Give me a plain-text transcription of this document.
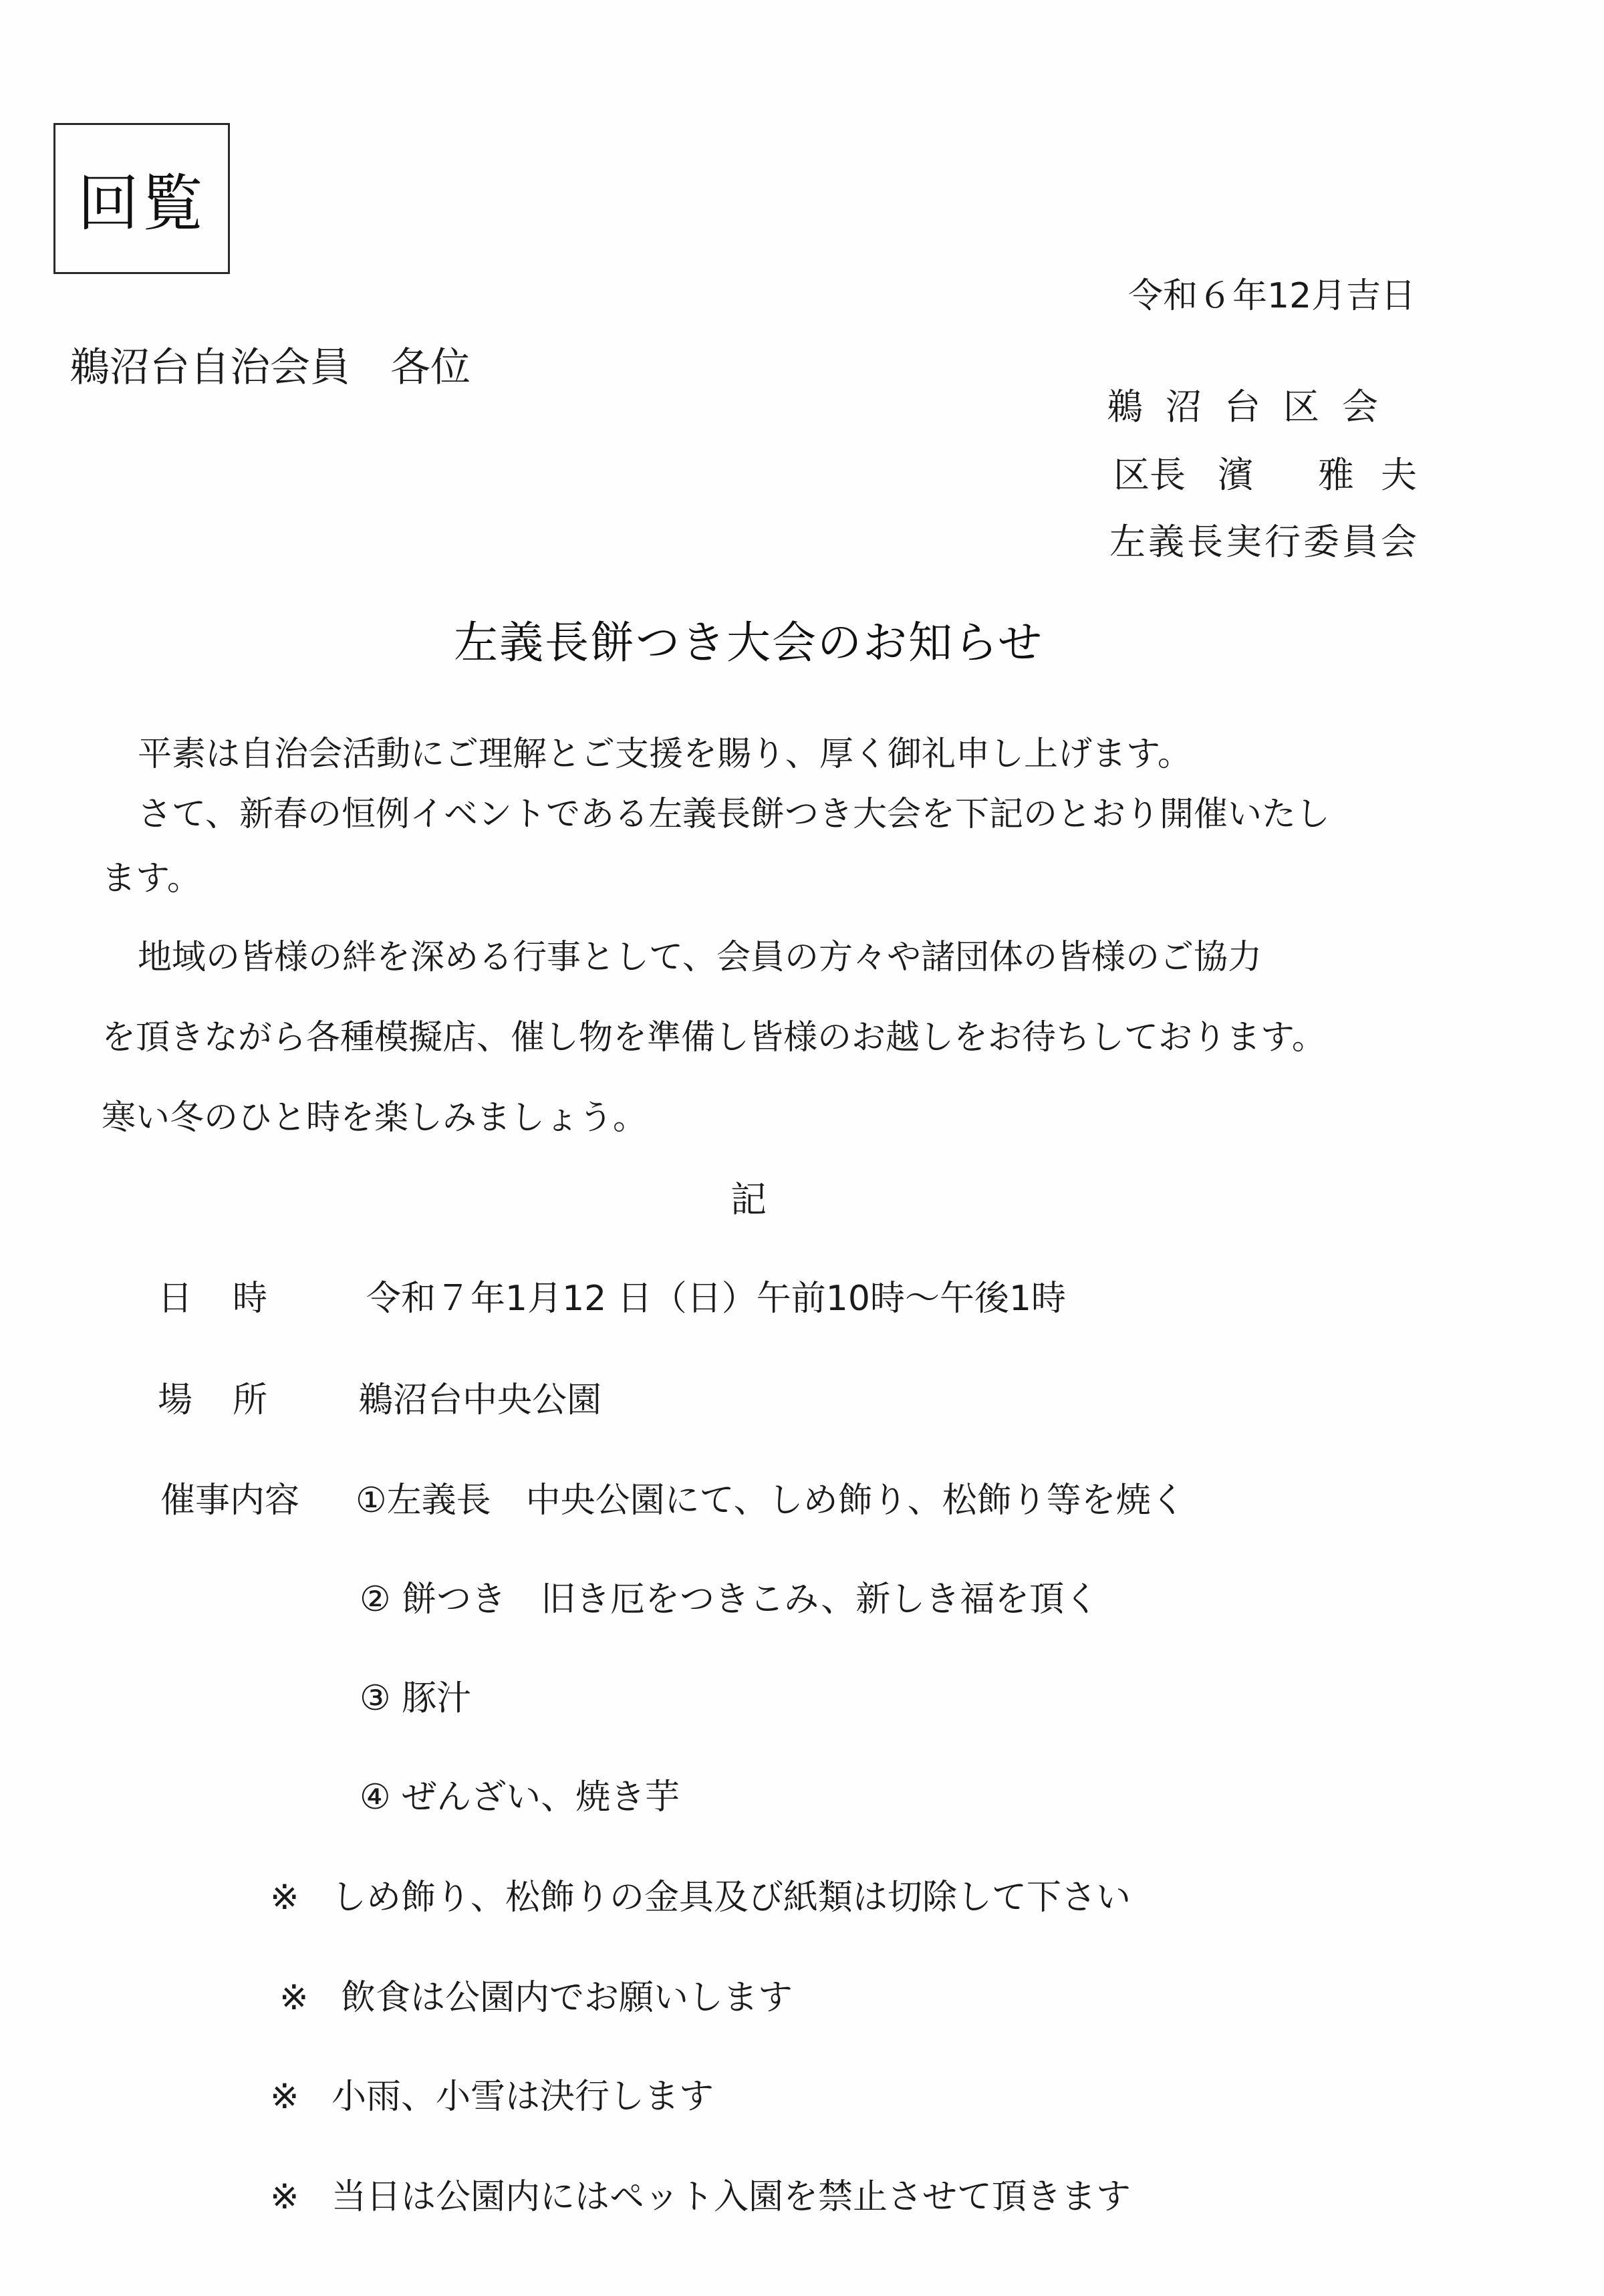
回覧
令和６年12月吉日
鵜沼台自治会員　各位
鵜沼台区会
区長 濱 雅夫
左義長実行委員会
左義長餅つき大会のお知らせ
平素は自治会活動にご理解とご支援を賜り、厚く御礼申し上げます。
さて、新春の恒例イベントである左義長餅つき大会を下記のとおり開催いたし
ます。
地域の皆様の絆を深める行事として、会員の方々や諸団体の皆様のご協力
を頂きながら各種模擬店、催し物を準備し皆様のお越しをお待ちしております。
寒い冬のひと時を楽しみましょう。
記
日時 令和７年1月12 日（日）午前10時～午後1時
場所 鵜沼台中央公園
催事内容 ①左義長　中央公園にて、しめ飾り、松飾り等を焼く
② 餅つき　旧き厄をつきこみ、新しき福を頂く
③ 豚汁
④ ぜんざい、焼き芋
※ しめ飾り、松飾りの金具及び紙類は切除して下さい
※ 飲食は公園内でお願いします
※ 小雨、小雪は決行します
※ 当日は公園内にはペット入園を禁止させて頂きます
